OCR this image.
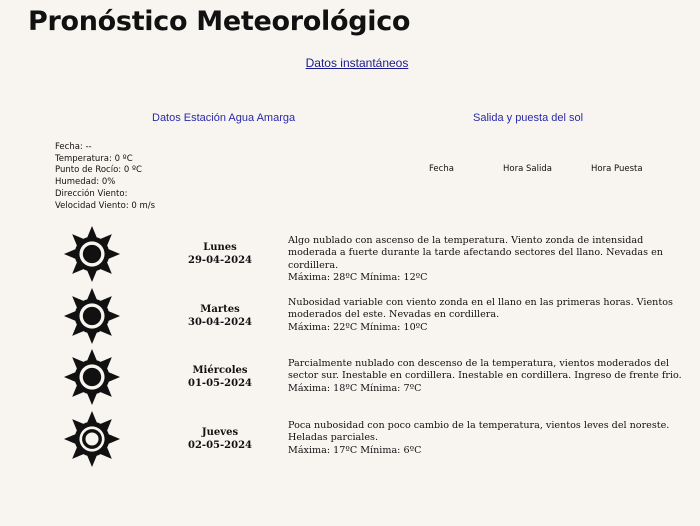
Pronóstico Meteorológico
Datos instantáneos
Datos Estación Agua Amarga	Salida y puesta del sol
Fecha: --
Temperatura: 0 ºC
Punto de Rocío: 0 ºC
Humedad: 0%
Dirección Viento:
Velocidad Viento: 0 m/s
Fecha	Hora Salida	Hora Puesta
Lunes
29-04-2024
Algo nublado con ascenso de la temperatura. Viento zonda de intensidad moderada a fuerte durante la tarde afectando sectores del llano. Nevadas en cordillera.
Máxima: 28ºC Mínima: 12ºC
Martes
30-04-2024
Nubosidad variable con viento zonda en el llano en las primeras horas. Vientos moderados del este. Nevadas en cordillera.
Máxima: 22ºC Mínima: 10ºC
Miércoles
01-05-2024
Parcialmente nublado con descenso de la temperatura, vientos moderados del sector sur. Inestable en cordillera. Inestable en cordillera. Ingreso de frente frio.
Máxima: 18ºC Mínima: 7ºC
Jueves
02-05-2024
Poca nubosidad con poco cambio de la temperatura, vientos leves del noreste. Heladas parciales.
Máxima: 17ºC Mínima: 6ºC
